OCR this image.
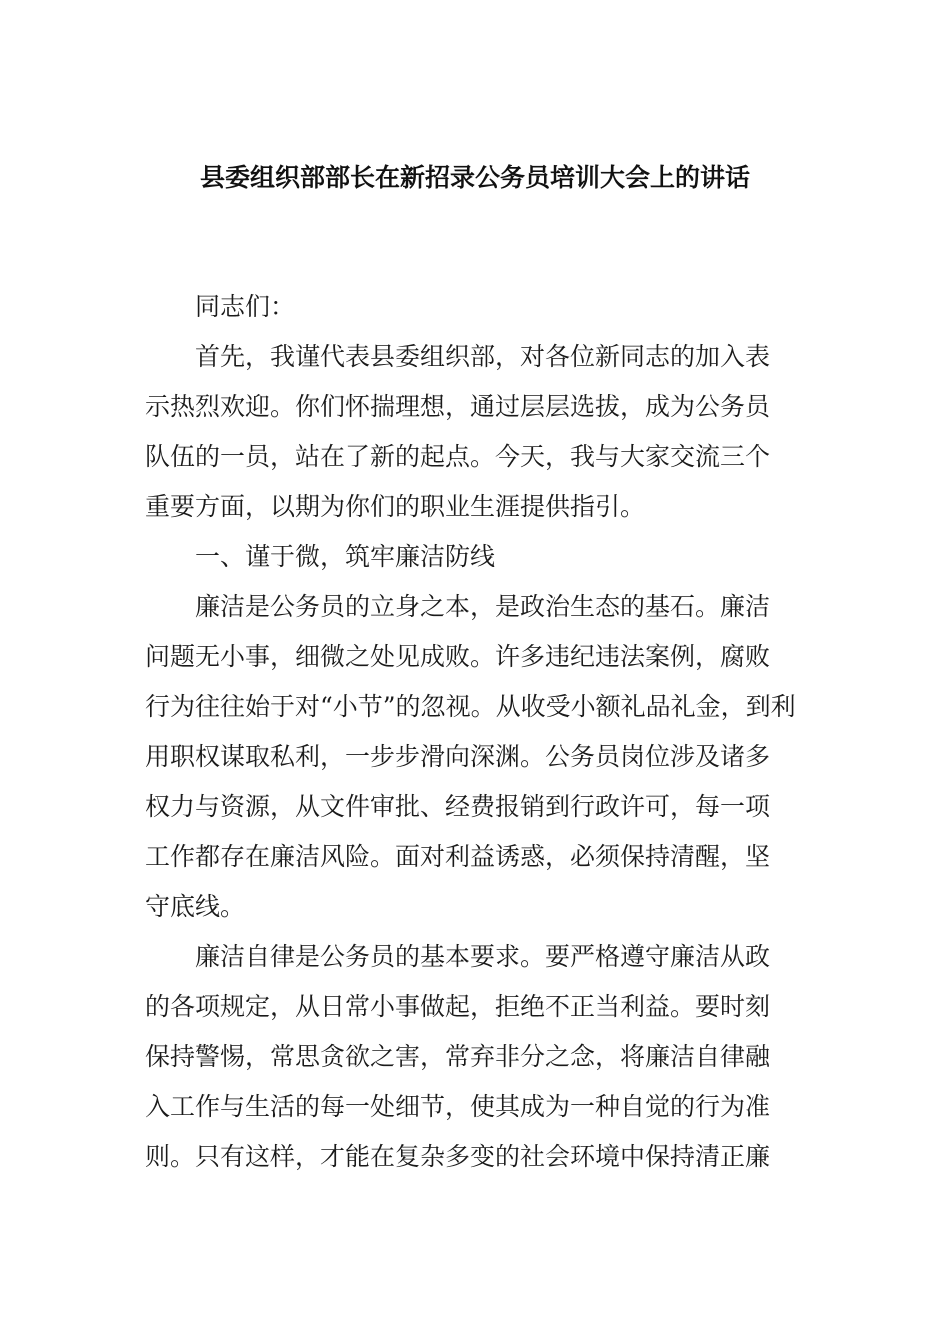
县委组织部部长在新招录公务员培训大会上的讲话

同志们：

首先，我谨代表县委组织部，对各位新同志的加入表
示热烈欢迎。你们怀揣理想，通过层层选拔，成为公务员
队伍的一员，站在了新的起点。今天，我与大家交流三个
重要方面，以期为你们的职业生涯提供指引。

一、谨于微，筑牢廉洁防线

廉洁是公务员的立身之本，是政治生态的基石。廉洁
问题无小事，细微之处见成败。许多违纪违法案例，腐败
行为往往始于对“小节”的忽视。从收受小额礼品礼金，到利
用职权谋取私利，一步步滑向深渊。公务员岗位涉及诸多
权力与资源，从文件审批、经费报销到行政许可，每一项
工作都存在廉洁风险。面对利益诱惑，必须保持清醒，坚
守底线。

廉洁自律是公务员的基本要求。要严格遵守廉洁从政
的各项规定，从日常小事做起，拒绝不正当利益。要时刻
保持警惕，常思贪欲之害，常弃非分之念，将廉洁自律融
入工作与生活的每一处细节，使其成为一种自觉的行为准
则。只有这样，才能在复杂多变的社会环境中保持清正廉
